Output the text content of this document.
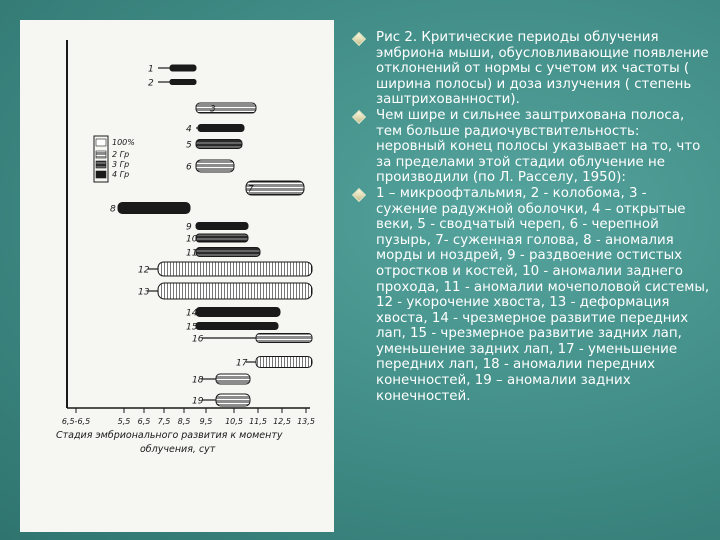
1
2
3
4
5
6
7
8
9
10
11
12
13
14
15
16
17
18
19
100%
2 Гр
3 Гр
4 Гр
6,5-6,5	5,5 6,5 7,5 8,5 9,5 10,5 11,5 12,5 13,5
Стадия эмбрионального развития к моменту
облучения, сут

Рис 2. Критические периоды облучения эмбриона мыши, обусловливающие появление отклонений от нормы с учетом их частоты ( ширина полосы) и доза излучения ( степень заштрихованности).

Чем шире и сильнее заштрихована полоса, тем больше радиочувствительность: неровный конец полосы указывает на то, что за пределами этой стадии облучение не производили (по Л. Расселу, 1950):

1 – микроофтальмия, 2 - колобома, 3 - сужение радужной оболочки, 4 – открытые веки, 5 - сводчатый череп, 6 - черепной пузырь, 7- суженная голова, 8 - аномалия морды и ноздрей, 9 - раздвоение остистых отростков и костей, 10 - аномалии заднего прохода, 11 - аномалии мочеполовой системы, 12 - укорочение хвоста, 13 - деформация хвоста, 14 - чрезмерное развитие передних лап, 15 - чрезмерное развитие задних лап, уменьшение задних лап, 17 - уменьшение передних лап, 18 - аномалии передних конечностей, 19 – аномалии задних конечностей.
